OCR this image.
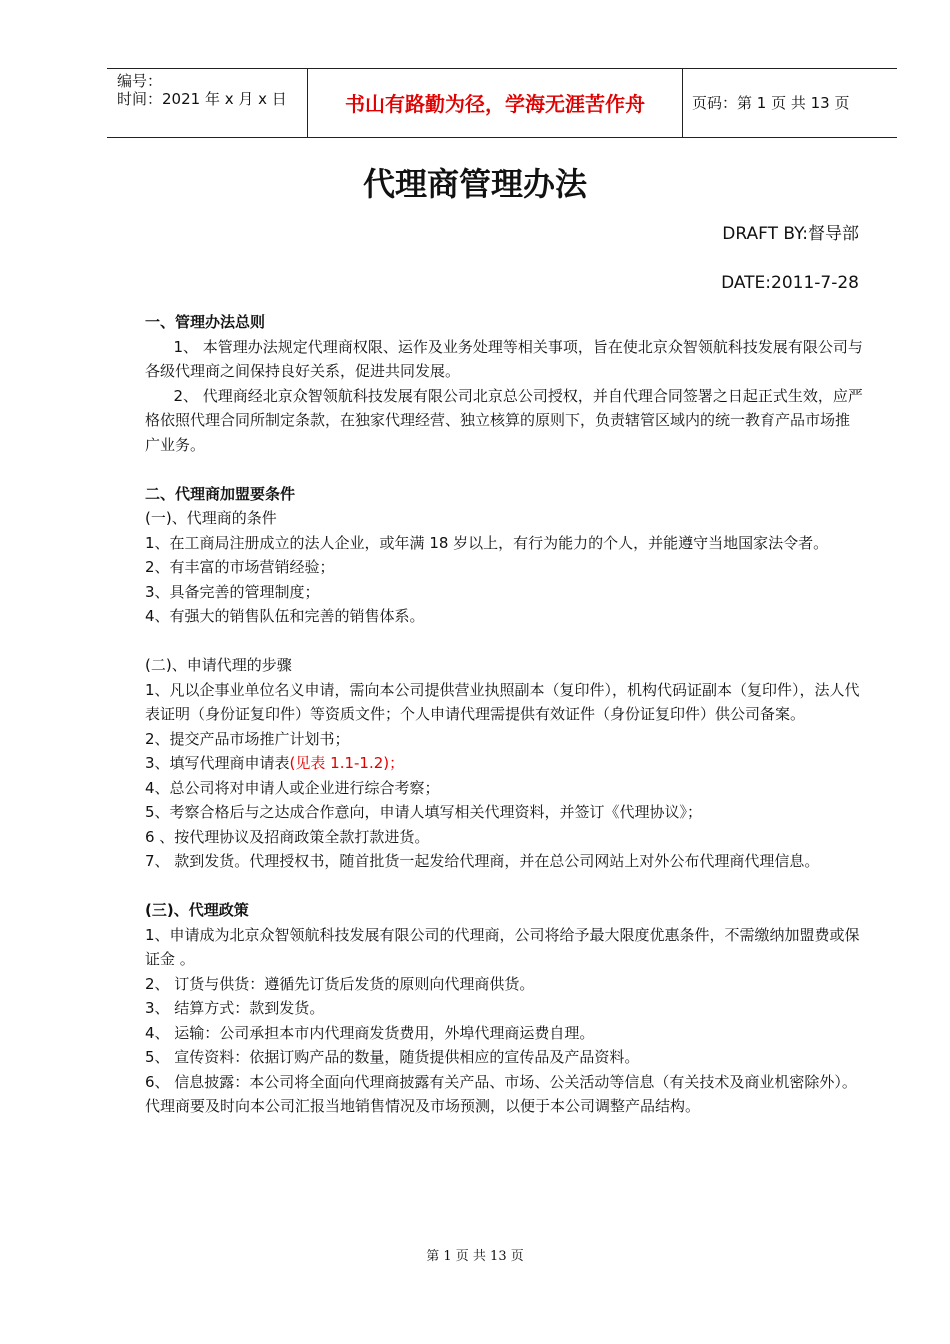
编号：
时间：2021 年 x 月 x 日	书山有路勤为径，学海无涯苦作舟	页码：第 1 页 共 13 页
代理商管理办法
DRAFT BY:督导部
DATE:2011-7-28

一、管理办法总则

1、 本管理办法规定代理商权限、运作及业务处理等相关事项，旨在使北京众智领航科技发展有限公司与各级代理商之间保持良好关系，促进共同发展。

2、 代理商经北京众智领航科技发展有限公司北京总公司授权，并自代理合同签署之日起正式生效，应严格依照代理合同所制定条款，在独家代理经营、独立核算的原则下，负责辖管区域内的统一教育产品市场推广业务。

二、代理商加盟要条件

(一)、代理商的条件

1、在工商局注册成立的法人企业，或年满 18 岁以上，有行为能力的个人，并能遵守当地国家法令者。

2、有丰富的市场营销经验；

3、具备完善的管理制度；

4、有强大的销售队伍和完善的销售体系。

(二)、申请代理的步骤

1、凡以企事业单位名义申请，需向本公司提供营业执照副本（复印件），机构代码证副本（复印件），法人代表证明（身份证复印件）等资质文件；个人申请代理需提供有效证件（身份证复印件）供公司备案。

2、提交产品市场推广计划书；

3、填写代理商申请表(见表 1.1-1.2)；

4、总公司将对申请人或企业进行综合考察；

5、考察合格后与之达成合作意向，申请人填写相关代理资料，并签订《代理协议》；

6 、按代理协议及招商政策全款打款进货。

7、 款到发货。代理授权书，随首批货一起发给代理商，并在总公司网站上对外公布代理商代理信息。

(三)、代理政策

1、申请成为北京众智领航科技发展有限公司的代理商，公司将给予最大限度优惠条件，不需缴纳加盟费或保证金 。

2、 订货与供货：遵循先订货后发货的原则向代理商供货。

3、 结算方式：款到发货。

4、 运输：公司承担本市内代理商发货费用，外埠代理商运费自理。

5、 宣传资料：依据订购产品的数量，随货提供相应的宣传品及产品资料。

6、 信息披露：本公司将全面向代理商披露有关产品、市场、公关活动等信息（有关技术及商业机密除外）。代理商要及时向本公司汇报当地销售情况及市场预测，以便于本公司调整产品结构。

第 1 页 共 13 页
